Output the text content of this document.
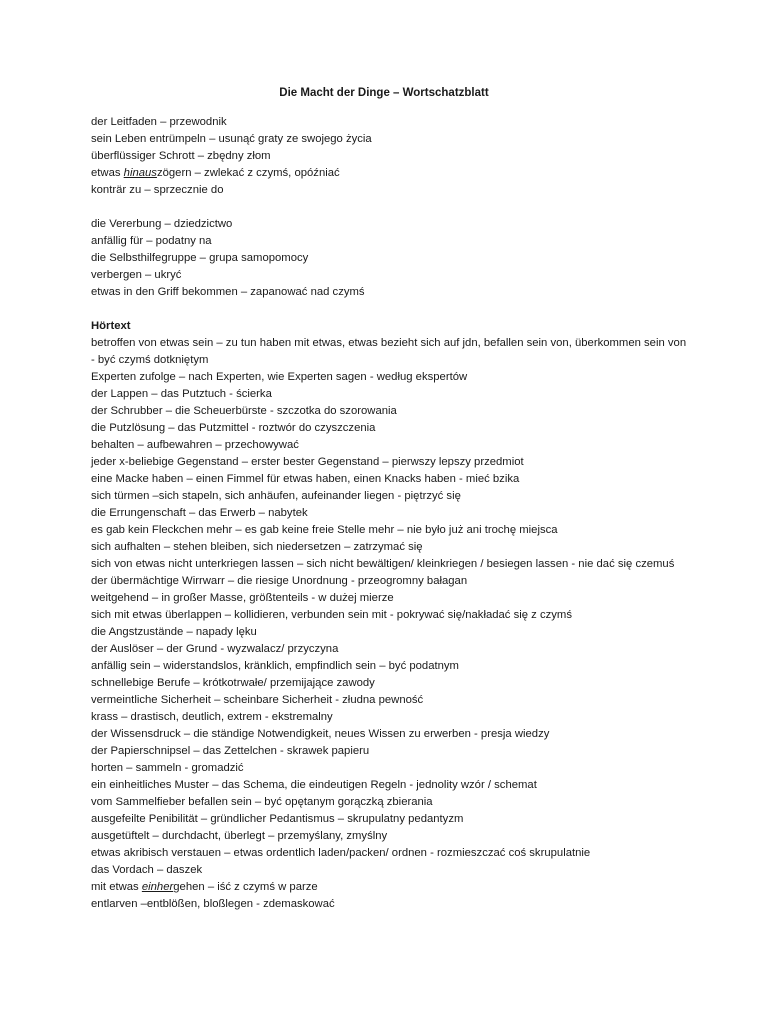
Die Macht der Dinge – Wortschatzblatt

der Leitfaden – przewodnik
sein Leben entrümpeln – usunąć graty ze swojego życia
überflüssiger Schrott – zbędny złom
etwas hinauszögern – zwlekać z czymś, opóźniać
konträr zu – sprzecznie do
die Vererbung – dziedzictwo
anfällig für – podatny na
die Selbsthilfegruppe – grupa samopomocy
verbergen – ukryć
etwas in den Griff bekommen – zapanować nad czymś
Hörtext
betroffen von etwas sein – zu tun haben mit etwas, etwas bezieht sich auf jdn, befallen sein von, überkommen sein von - być czymś dotkniętym
Experten zufolge – nach Experten, wie Experten sagen - według ekspertów
der Lappen – das Putztuch - ścierka
der Schrubber – die Scheuerbürste - szczotka do szorowania
die Putzlösung – das Putzmittel - roztwór do czyszczenia
behalten – aufbewahren – przechowywać
jeder x-beliebige Gegenstand – erster bester Gegenstand – pierwszy lepszy przedmiot
eine Macke haben – einen Fimmel für etwas haben, einen Knacks haben - mieć bzika
sich türmen –sich stapeln, sich anhäufen, aufeinander liegen - piętrzyć się
die Errungenschaft – das Erwerb – nabytek
es gab kein Fleckchen mehr – es gab keine freie Stelle mehr – nie było już ani trochę miejsca
sich aufhalten – stehen bleiben, sich niedersetzen – zatrzymać się
sich von etwas nicht unterkriegen lassen – sich nicht bewältigen/ kleinkriegen / besiegen lassen - nie dać się czemuś
der übermächtige Wirrwarr – die riesige Unordnung - przeogromny bałagan
weitgehend – in großer Masse, größtenteils - w dużej mierze
sich mit etwas überlappen – kollidieren, verbunden sein mit - pokrywać się/nakładać się z czymś
die Angstzustände – napady lęku
der Auslöser – der Grund - wyzwalacz/ przyczyna
anfällig sein – widerstandslos, kränklich, empfindlich sein – być podatnym
schnellebige Berufe – krótkotrwałe/ przemijające zawody
vermeintliche Sicherheit – scheinbare Sicherheit - złudna pewność
krass – drastisch, deutlich, extrem - ekstremalny
der Wissensdruck – die ständige Notwendigkeit, neues Wissen zu erwerben - presja wiedzy
der Papierschnipsel – das Zettelchen - skrawek papieru
horten – sammeln - gromadzić
ein einheitliches Muster – das Schema, die eindeutigen Regeln - jednolity wzór / schemat
vom Sammelfieber befallen sein – być opętanym gorączką zbierania
ausgefeilte Penibilität – gründlicher Pedantismus – skrupulatny pedantyzm
ausgetüftelt – durchdacht, überlegt – przemyślany, zmyślny
etwas akribisch verstauen – etwas ordentlich laden/packen/ ordnen - rozmieszczać coś skrupulatnie
das Vordach – daszek
mit etwas einhergehen – iść z czymś w parze
entlarven –entblößen, bloßlegen - zdemaskować
